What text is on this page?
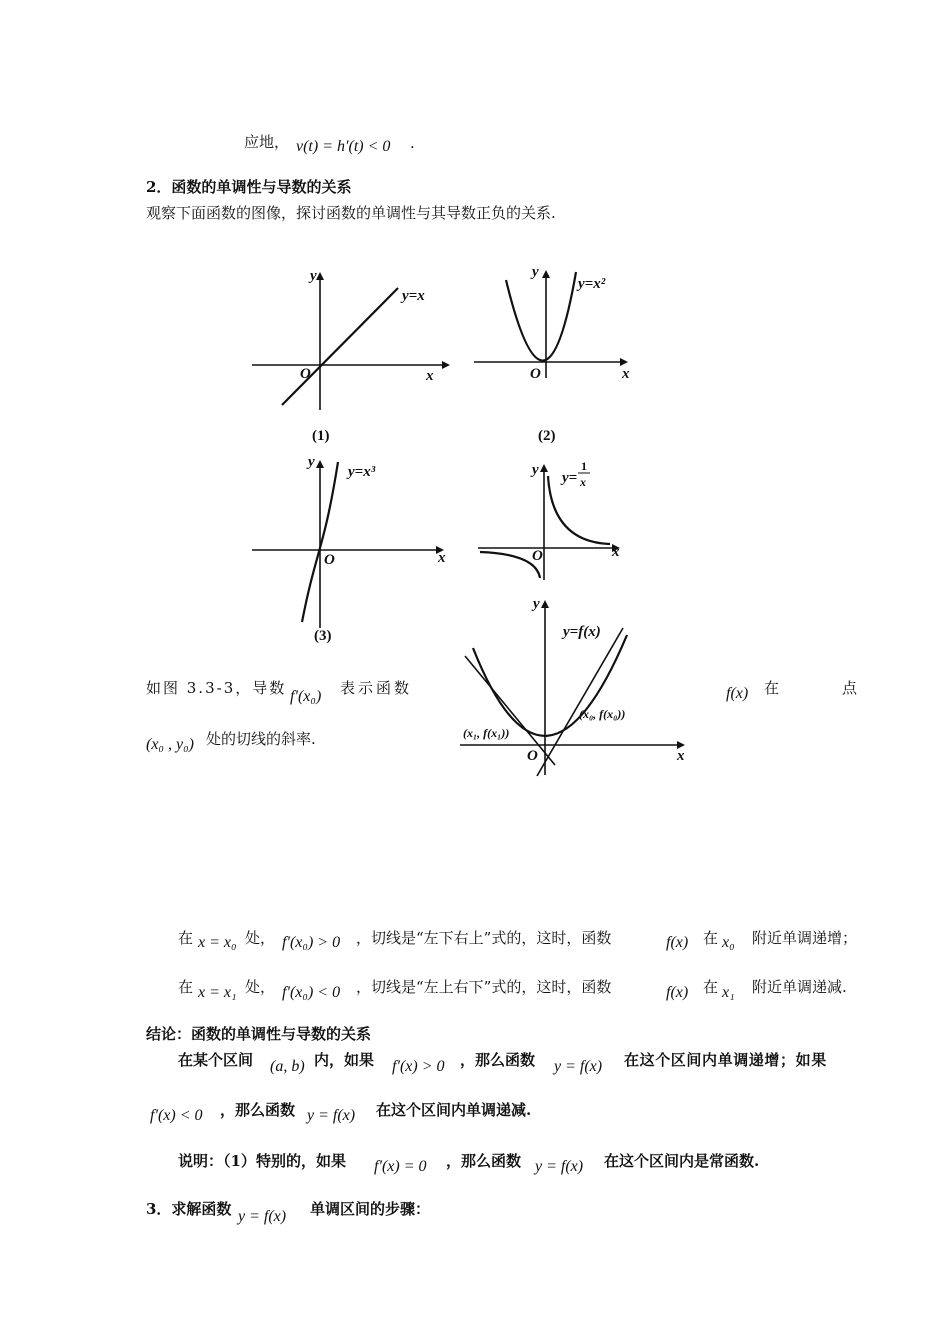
应地， v(t) = h′(t) < 0 .
2．函数的单调性与导数的关系
观察下面函数的图像，探讨函数的单调性与其导数正负的关系.
y
x
O
y=x
(1)
y
x
O
y=x²
(2)
y
x
O
y=x³
(3)
y
x
O
y=
1
x
y
x
O
y=f(x)
(x₀, f(x₀))
(x₁, f(x₁))
如图 3.3-3，导数 f′(x₀) 表示函数	f(x) 在	点
(x₀ , y₀) 处的切线的斜率.
在 x = x₀ 处， f′(x₀) > 0 ，切线是“左下右上”式的，这时，函数	f(x) 在 x₀ 附近单调递增；
在 x = x₁ 处， f′(x₀) < 0 ，切线是“左上右下”式的，这时，函数	f(x) 在 x₁ 附近单调递减.
结论：函数的单调性与导数的关系
在某个区间 (a, b) 内，如果 f′(x) > 0 ，那么函数 y = f(x) 在这个区间内单调递增；如果
f′(x) < 0 ，那么函数 y = f(x) 在这个区间内单调递减.
说明：（1）特别的，如果 f′(x) = 0 ，那么函数 y = f(x) 在这个区间内是常函数.
3．求解函数 y = f(x) 单调区间的步骤：
